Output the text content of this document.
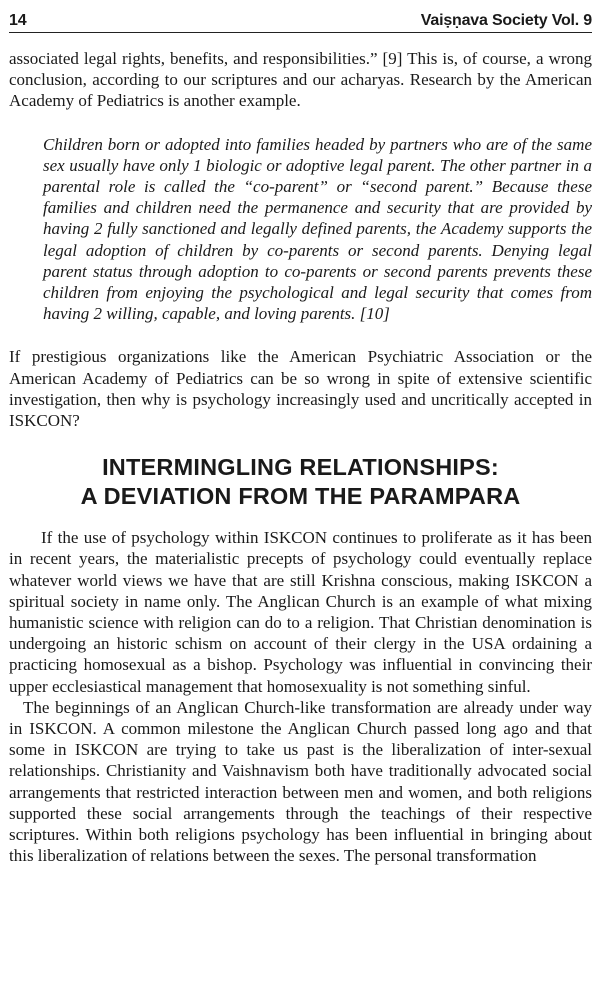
14	Vaiṣṇava Society Vol. 9

associated legal rights, benefits, and responsibilities.” [9] This is, of course, a wrong conclusion, according to our scriptures and our acharyas. Research by the American Academy of Pediatrics is another example.

Children born or adopted into families headed by partners who are of the same sex usually have only 1 biologic or adoptive legal parent. The other partner in a parental role is called the “co-parent” or “second parent.” Because these families and children need the permanence and security that are provided by having 2 fully sanctioned and legally defined parents, the Academy supports the legal adoption of children by co-parents or second parents. Denying legal parent status through adoption to co-parents or second parents prevents these children from enjoying the psychological and legal security that comes from having 2 willing, capable, and loving parents. [10]

If prestigious organizations like the American Psychiatric Association or the American Academy of Pediatrics can be so wrong in spite of extensive scientific investigation, then why is psychology increasingly used and uncritically accepted in ISKCON?

INTERMINGLING RELATIONSHIPS:
A DEVIATION FROM THE PARAMPARA

If the use of psychology within ISKCON continues to proliferate as it has been in recent years, the materialistic precepts of psychology could eventually replace whatever world views we have that are still Krishna conscious, making ISKCON a spiritual society in name only. The Anglican Church is an example of what mixing humanistic science with religion can do to a religion. That Christian denomination is undergoing an historic schism on account of their clergy in the USA ordaining a practicing homosexual as a bishop. Psychology was influential in convincing their upper ecclesiastical management that homosexuality is not something sinful.

The beginnings of an Anglican Church-like transformation are already under way in ISKCON. A common milestone the Anglican Church passed long ago and that some in ISKCON are trying to take us past is the liberalization of inter-sexual relationships. Christianity and Vaishnavism both have traditionally advocated social arrangements that restricted interaction between men and women, and both religions supported these social arrangements through the teachings of their respective scriptures. Within both religions psychology has been influential in bringing about this liberalization of relations between the sexes. The personal transformation
